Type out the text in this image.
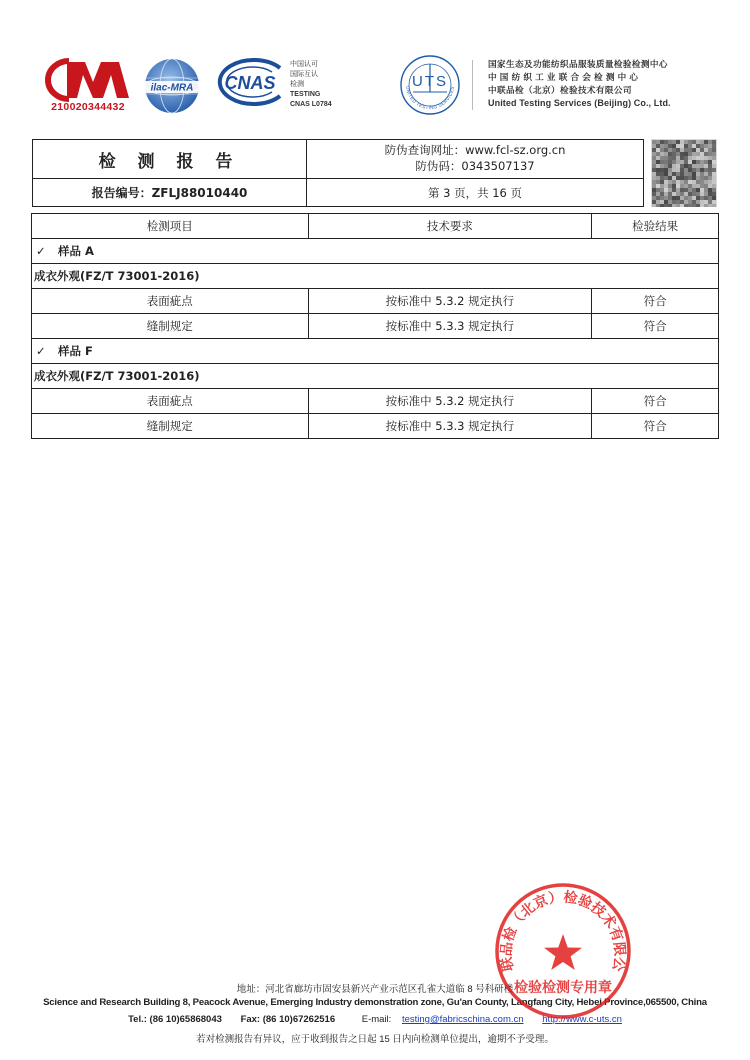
210020344432
ilac-MRA CNAS
中国认可
国际互认
检测
TESTING
CNAS L0784
UTS
UNITED TESTING SERVICES
国家生态及功能纺织品服装质量检验检测中心
中 国 纺 织 工 业 联 合 会 检 测 中 心
中联品检（北京）检验技术有限公司
United Testing Services (Beijing) Co., Ltd.
检 测 报 告
报告编号：ZFLJ88010440
防伪查询网址：www.fcl-sz.org.cn
防伪码：0343507137
第 3 页，共 16 页
检测项目	技术要求	检验结果
✓ 样品 A		
成衣外观(FZ/T 73001-2016)		
表面疵点	按标准中 5.3.2 规定执行	符合
缝制规定	按标准中 5.3.3 规定执行	符合
✓ 样品 F		
成衣外观(FZ/T 73001-2016)		
表面疵点	按标准中 5.3.2 规定执行	符合
缝制规定	按标准中 5.3.3 规定执行	符合
地址：河北省廊坊市固安县新兴产业示范区孔雀大道临 8 号科研楼
Science and Research Building 8, Peacock Avenue, Emerging Industry demonstration zone, Gu'an County, Langfang City, Hebei Province,065500, China
Tel.: (86 10)65868043 Fax: (86 10)67262516	E-mail: testing@fabricschina.com.cn http://www.c-uts.cn
若对检测报告有异议，应于收到报告之日起 15 日内向检测单位提出，逾期不予受理。
联品检（北京）检验技术有限公
检验检测专用章
